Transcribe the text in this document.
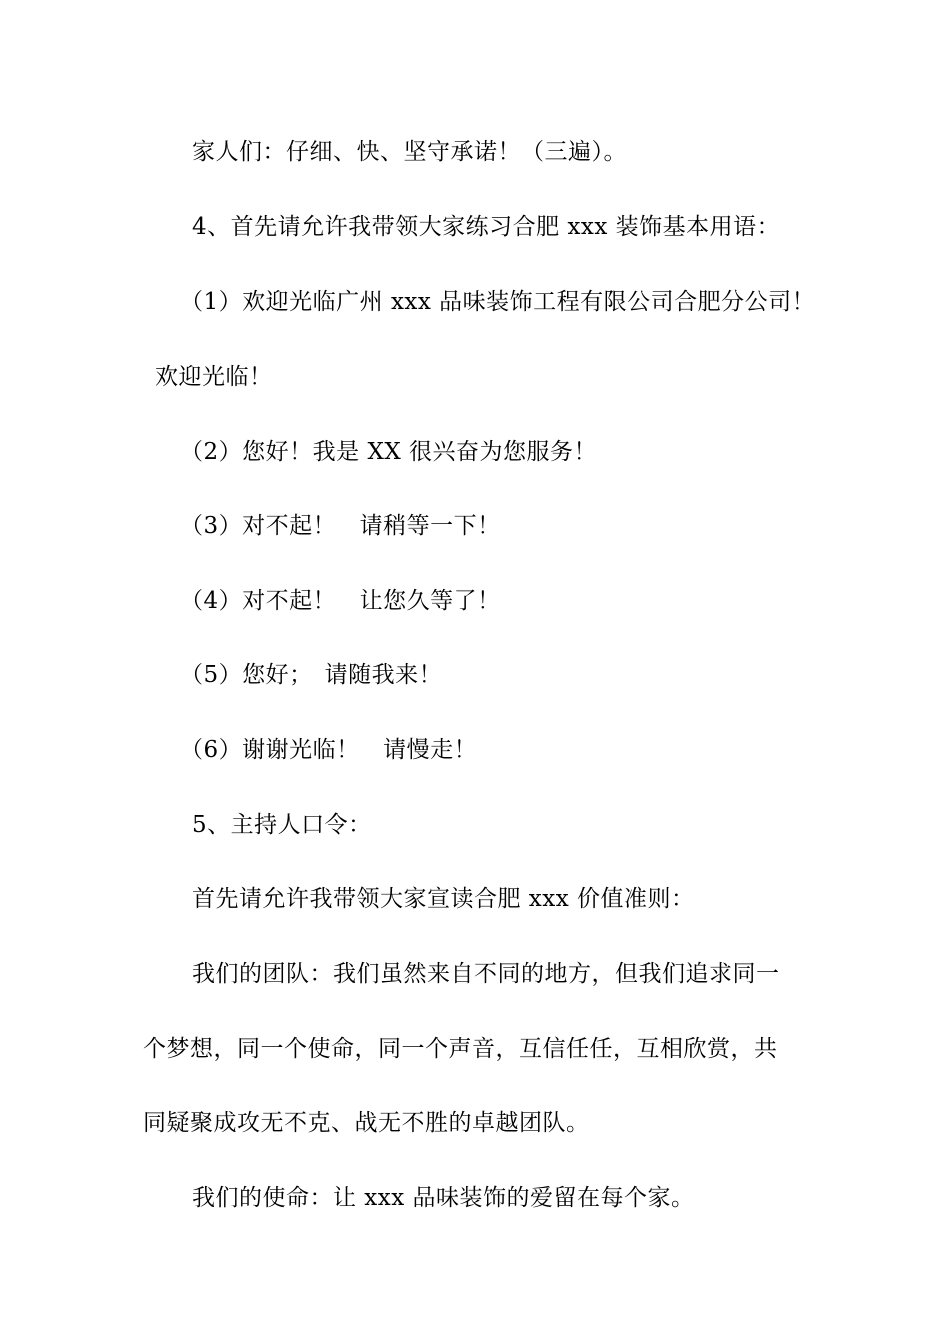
家人们：仔细、快、坚守承诺！（三遍）。
4、首先请允许我带领大家练习合肥 xxx 装饰基本用语：
（1）欢迎光临广州 xxx 品味装饰工程有限公司合肥分公司！
欢迎光临！
（2）您好！我是 XX 很兴奋为您服务！
（3）对不起！　请稍等一下！
（4）对不起！　让您久等了！
（5）您好；　请随我来！
（6）谢谢光临！　请慢走！
5、主持人口令：
首先请允许我带领大家宣读合肥 xxx 价值准则：
我们的团队：我们虽然来自不同的地方，但我们追求同一
个梦想，同一个使命，同一个声音，互信任任，互相欣赏，共
同疑聚成攻无不克、战无不胜的卓越团队。
我们的使命：让 xxx 品味装饰的爱留在每个家。
